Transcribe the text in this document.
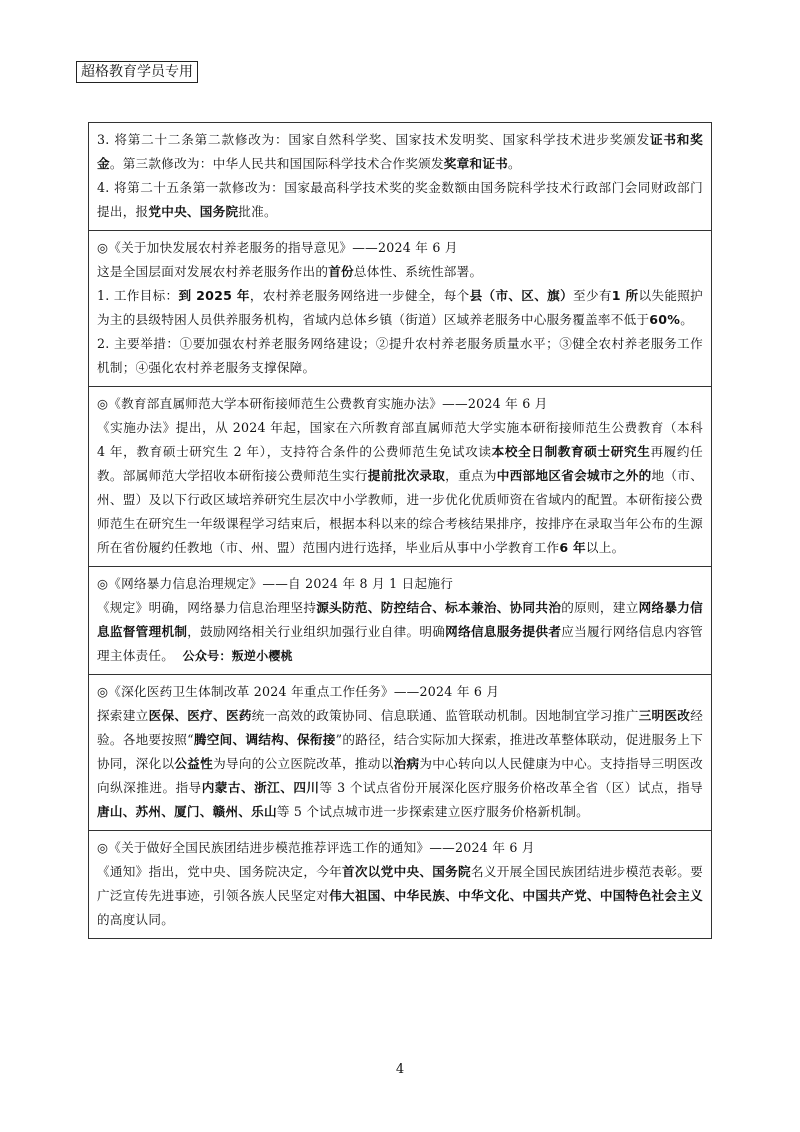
超格教育学员专用

3. 将第二十二条第二款修改为：国家自然科学奖、国家技术发明奖、国家科学技术进步奖颁发证书和奖金。第三款修改为：中华人民共和国国际科学技术合作奖颁发奖章和证书。

4. 将第二十五条第一款修改为：国家最高科学技术奖的奖金数额由国务院科学技术行政部门会同财政部门提出，报党中央、国务院批准。

◎《关于加快发展农村养老服务的指导意见》——2024 年 6 月

这是全国层面对发展农村养老服务作出的首份总体性、系统性部署。

1. 工作目标：到 2025 年，农村养老服务网络进一步健全，每个县（市、区、旗）至少有1 所以失能照护为主的县级特困人员供养服务机构，省域内总体乡镇（街道）区域养老服务中心服务覆盖率不低于60%。

2. 主要举措：①要加强农村养老服务网络建设；②提升农村养老服务质量水平；③健全农村养老服务工作机制；④强化农村养老服务支撑保障。

◎《教育部直属师范大学本研衔接师范生公费教育实施办法》——2024 年 6 月

《实施办法》提出，从 2024 年起，国家在六所教育部直属师范大学实施本研衔接师范生公费教育（本科 4 年，教育硕士研究生 2 年），支持符合条件的公费师范生免试攻读本校全日制教育硕士研究生再履约任教。部属师范大学招收本研衔接公费师范生实行提前批次录取，重点为中西部地区省会城市之外的地（市、州、盟）及以下行政区域培养研究生层次中小学教师，进一步优化优质师资在省域内的配置。本研衔接公费师范生在研究生一年级课程学习结束后，根据本科以来的综合考核结果排序，按排序在录取当年公布的生源所在省份履约任教地（市、州、盟）范围内进行选择，毕业后从事中小学教育工作6 年以上。

◎《网络暴力信息治理规定》——自 2024 年 8 月 1 日起施行

《规定》明确，网络暴力信息治理坚持源头防范、防控结合、标本兼治、协同共治的原则，建立网络暴力信息监督管理机制，鼓励网络相关行业组织加强行业自律。明确网络信息服务提供者应当履行网络信息内容管理主体责任。 公众号：叛逆小樱桃

◎《深化医药卫生体制改革 2024 年重点工作任务》——2024 年 6 月

探索建立医保、医疗、医药统一高效的政策协同、信息联通、监管联动机制。因地制宜学习推广三明医改经验。各地要按照“腾空间、调结构、保衔接”的路径，结合实际加大探索，推进改革整体联动，促进服务上下协同，深化以公益性为导向的公立医院改革，推动以治病为中心转向以人民健康为中心。支持指导三明医改向纵深推进。指导内蒙古、浙江、四川等 3 个试点省份开展深化医疗服务价格改革全省（区）试点，指导唐山、苏州、厦门、赣州、乐山等 5 个试点城市进一步探索建立医疗服务价格新机制。

◎《关于做好全国民族团结进步模范推荐评选工作的通知》——2024 年 6 月

《通知》指出，党中央、国务院决定，今年首次以党中央、国务院名义开展全国民族团结进步模范表彰。要广泛宣传先进事迹，引领各族人民坚定对伟大祖国、中华民族、中华文化、中国共产党、中国特色社会主义的高度认同。

4
